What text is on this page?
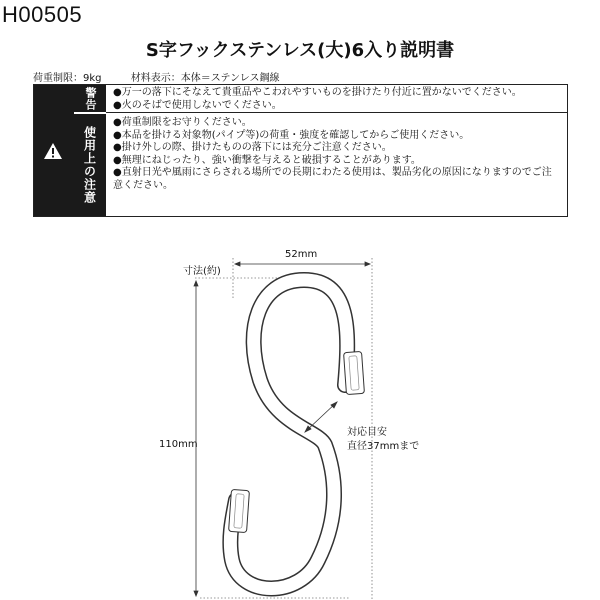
H00505
S字フックステンレス(大)6入り説明書
荷重制限：9kg	材料表示：本体＝ステンレス鋼線
警告
使用上の注意
●万一の落下にそなえて貴重品やこわれやすいものを掛けたり付近に置かないでください。
●火のそばで使用しないでください。
●荷重制限をお守りください。
●本品を掛ける対象物(パイプ等)の荷重・強度を確認してからご使用ください。
●掛け外しの際、掛けたものの落下には充分ご注意ください。
●無理にねじったり、強い衝撃を与えると破損することがあります。
●直射日光や風雨にさらされる場所での長期にわたる使用は、製品劣化の原因になりますのでご注意ください。
寸法(約)
52mm
110mm
対応目安
直径37mmまで
